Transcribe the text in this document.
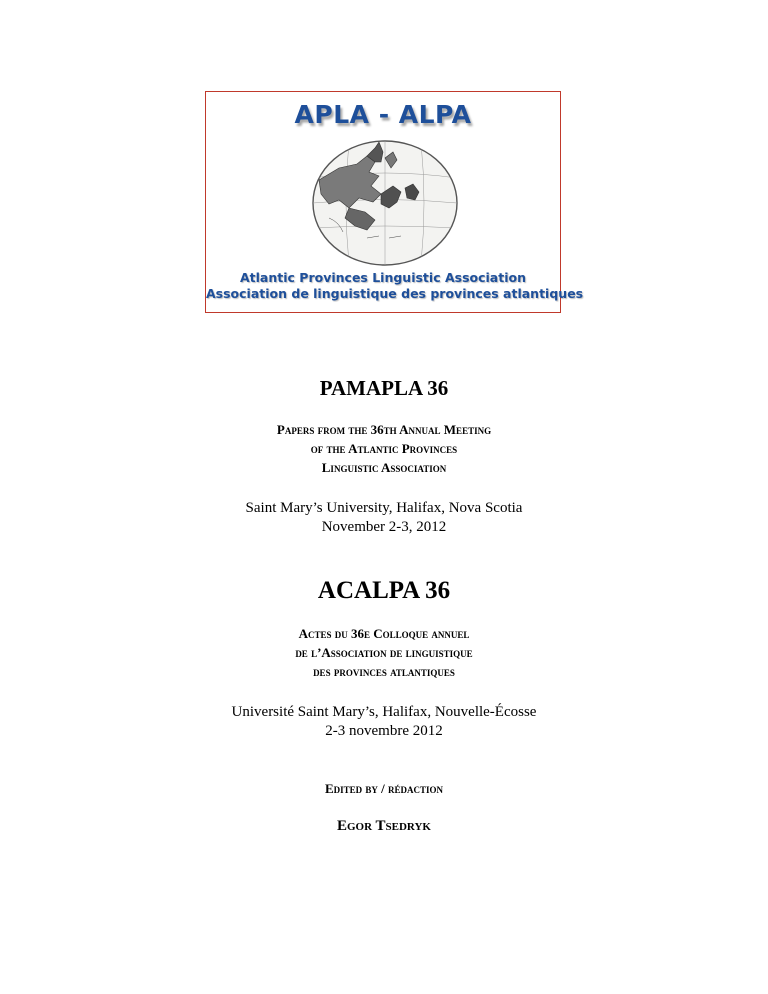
APLA - ALPA
Atlantic Provinces Linguistic Association
Association de linguistique des provinces atlantiques
PAMAPLA 36
Papers from the 36th Annual Meeting
of the Atlantic Provinces
Linguistic Association
Saint Mary’s University, Halifax, Nova Scotia
November 2-3, 2012
ACALPA 36
Actes du 36e Colloque annuel
de l’Association de linguistique
des provinces atlantiques
Université Saint Mary’s, Halifax, Nouvelle-Écosse
2-3 novembre 2012
Edited by / rédaction
Egor Tsedryk
